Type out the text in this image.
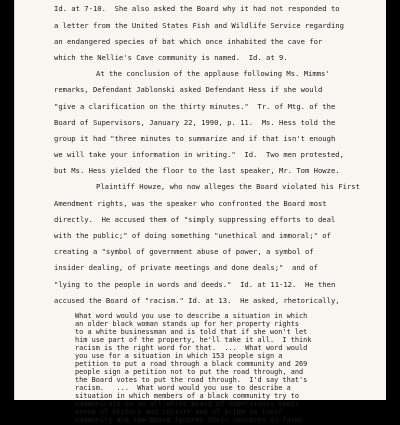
Id. at 7-10.  She also asked the Board why it had not responded to
a letter from the United States Fish and Wildlife Service regarding
an endangered species of bat which once inhabited the cave for
which the Nellie's Cave community is named.  Id. at 9.
At the conclusion of the applause following Ms. Mimms'
remarks, Defendant Jablonski asked Defendant Hess if she would
"give a clarification on the thirty minutes."  Tr. of Mtg. of the
Board of Supervisors, January 22, 1990, p. 11.  Ms. Hess told the
group it had "three minutes to summarize and if that isn't enough
we will take your information in writing."  Id.  Two men protested,
but Ms. Hess yielded the floor to the last speaker, Mr. Tom Howze.
Plaintiff Howze, who now alleges the Board violated his First
Amendment rights, was the speaker who confronted the Board most
directly.  He accused them of "simply suppressing efforts to deal
with the public;" of doing something "unethical and immoral;" of
creating a "symbol of government abuse of power, a symbol of
insider dealing, of private meetings and done deals;"  and of
"lying to the people in words and deeds."  Id. at 11-12.  He then
accused the Board of "racism." Id. at 13.  He asked, rhetorically,
What word would you use to describe a situation in which
an older black woman stands up for her property rights
to a white businessman and is told that if she won't let
him use part of the property, he'll take it all.  I think
racism is the right word for that.  ...  What word would
you use for a situation in which 153 people sign a
petition to put a road through a black community and 269
people sign a petition not to put the road through, and
the Board votes to put the road through.  I'd say that's
racism.   ...  What word would you use to describe a
situation in which members of a black community try to
communicate to an all-white Board of Supervisors their
sense of history and culture and of pride in their
community and the Board ignores their concerns in favor
